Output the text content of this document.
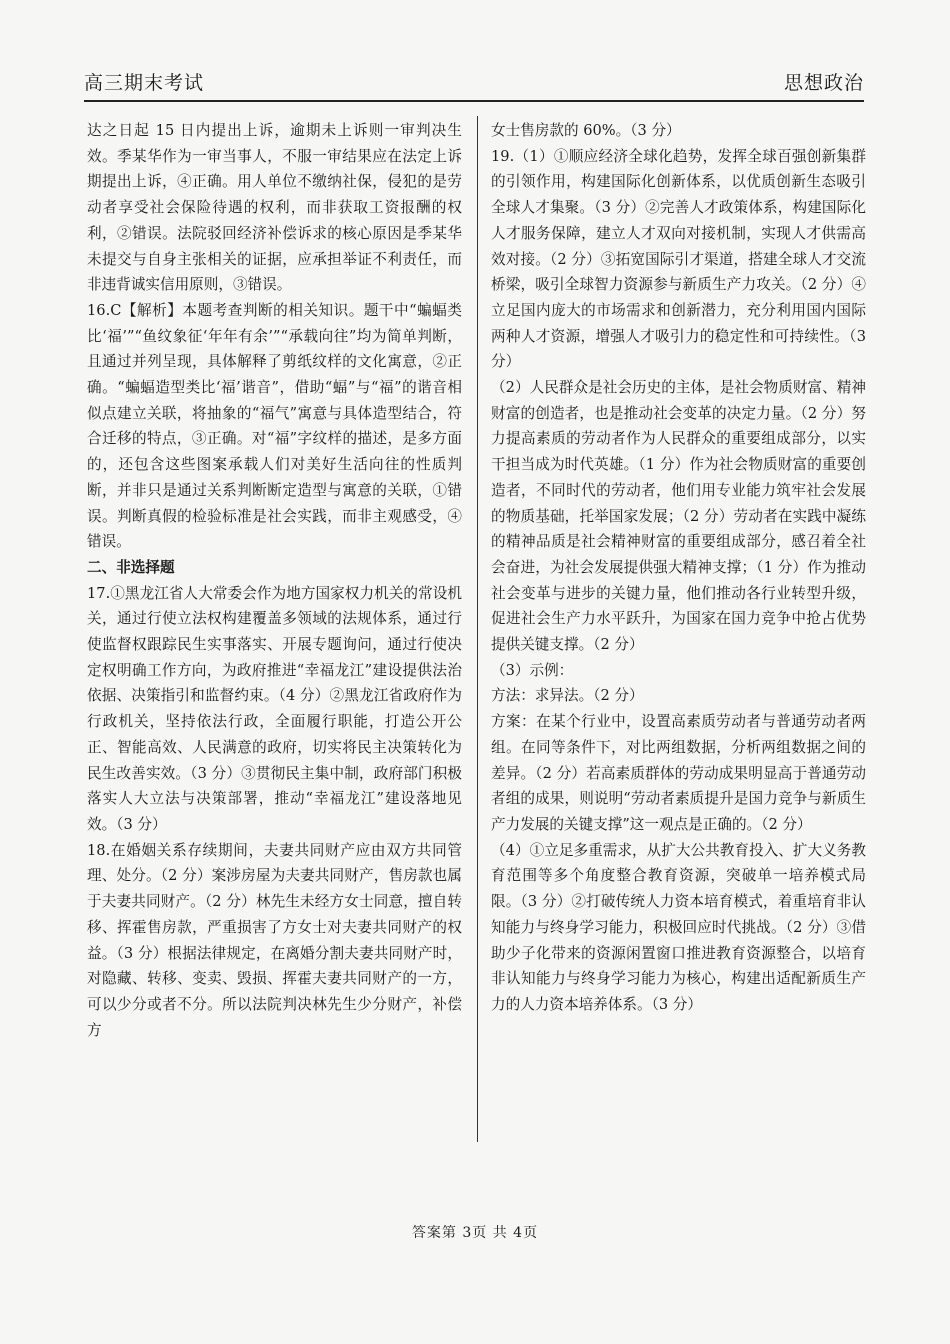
高三期末考试	思想政治

达之日起 15 日内提出上诉，逾期未上诉则一审判决生效。季某华作为一审当事人，不服一审结果应在法定上诉期提出上诉，④正确。用人单位不缴纳社保，侵犯的是劳动者享受社会保险待遇的权利，而非获取工资报酬的权利，②错误。法院驳回经济补偿诉求的核心原因是季某华未提交与自身主张相关的证据，应承担举证不利责任，而非违背诚实信用原则，③错误。

16.C【解析】本题考查判断的相关知识。题干中“蝙蝠类比‘福’”“鱼纹象征‘年年有余’”“承载向往”均为简单判断，且通过并列呈现，具体解释了剪纸纹样的文化寓意，②正确。“蝙蝠造型类比‘福’谐音”，借助“蝠”与“福”的谐音相似点建立关联，将抽象的“福气”寓意与具体造型结合，符合迁移的特点，③正确。对“福”字纹样的描述，是多方面的，还包含这些图案承载人们对美好生活向往的性质判断，并非只是通过关系判断断定造型与寓意的关联，①错误。判断真假的检验标准是社会实践，而非主观感受，④错误。

二、非选择题

17.①黑龙江省人大常委会作为地方国家权力机关的常设机关，通过行使立法权构建覆盖多领域的法规体系，通过行使监督权跟踪民生实事落实、开展专题询问，通过行使决定权明确工作方向，为政府推进“幸福龙江”建设提供法治依据、决策指引和监督约束。（4 分）②黑龙江省政府作为行政机关，坚持依法行政，全面履行职能，打造公开公正、智能高效、人民满意的政府，切实将民主决策转化为民生改善实效。（3 分）③贯彻民主集中制，政府部门积极落实人大立法与决策部署，推动“幸福龙江”建设落地见效。（3 分）

18.在婚姻关系存续期间，夫妻共同财产应由双方共同管理、处分。（2 分）案涉房屋为夫妻共同财产，售房款也属于夫妻共同财产。（2 分）林先生未经方女士同意，擅自转移、挥霍售房款，严重损害了方女士对夫妻共同财产的权益。（3 分）根据法律规定，在离婚分割夫妻共同财产时，对隐藏、转移、变卖、毁损、挥霍夫妻共同财产的一方，可以少分或者不分。所以法院判决林先生少分财产，补偿方

女士售房款的 60%。（3 分）

19.（1）①顺应经济全球化趋势，发挥全球百强创新集群的引领作用，构建国际化创新体系，以优质创新生态吸引全球人才集聚。（3 分）②完善人才政策体系，构建国际化人才服务保障，建立人才双向对接机制，实现人才供需高效对接。（2 分）③拓宽国际引才渠道，搭建全球人才交流桥梁，吸引全球智力资源参与新质生产力攻关。（2 分）④立足国内庞大的市场需求和创新潜力，充分利用国内国际两种人才资源，增强人才吸引力的稳定性和可持续性。（3 分）

（2）人民群众是社会历史的主体，是社会物质财富、精神财富的创造者，也是推动社会变革的决定力量。（2 分）努力提高素质的劳动者作为人民群众的重要组成部分，以实干担当成为时代英雄。（1 分）作为社会物质财富的重要创造者，不同时代的劳动者，他们用专业能力筑牢社会发展的物质基础，托举国家发展；（2 分）劳动者在实践中凝练的精神品质是社会精神财富的重要组成部分，感召着全社会奋进，为社会发展提供强大精神支撑；（1 分）作为推动社会变革与进步的关键力量，他们推动各行业转型升级，促进社会生产力水平跃升，为国家在国力竞争中抢占优势提供关键支撑。（2 分）

（3）示例：

方法：求异法。（2 分）

方案：在某个行业中，设置高素质劳动者与普通劳动者两组。在同等条件下，对比两组数据，分析两组数据之间的差异。（2 分）若高素质群体的劳动成果明显高于普通劳动者组的成果，则说明“劳动者素质提升是国力竞争与新质生产力发展的关键支撑”这一观点是正确的。（2 分）

（4）①立足多重需求，从扩大公共教育投入、扩大义务教育范围等多个角度整合教育资源，突破单一培养模式局限。（3 分）②打破传统人力资本培育模式，着重培育非认知能力与终身学习能力，积极回应时代挑战。（2 分）③借助少子化带来的资源闲置窗口推进教育资源整合，以培育非认知能力与终身学习能力为核心，构建出适配新质生产力的人力资本培养体系。（3 分）

答案第 3页 共 4页
